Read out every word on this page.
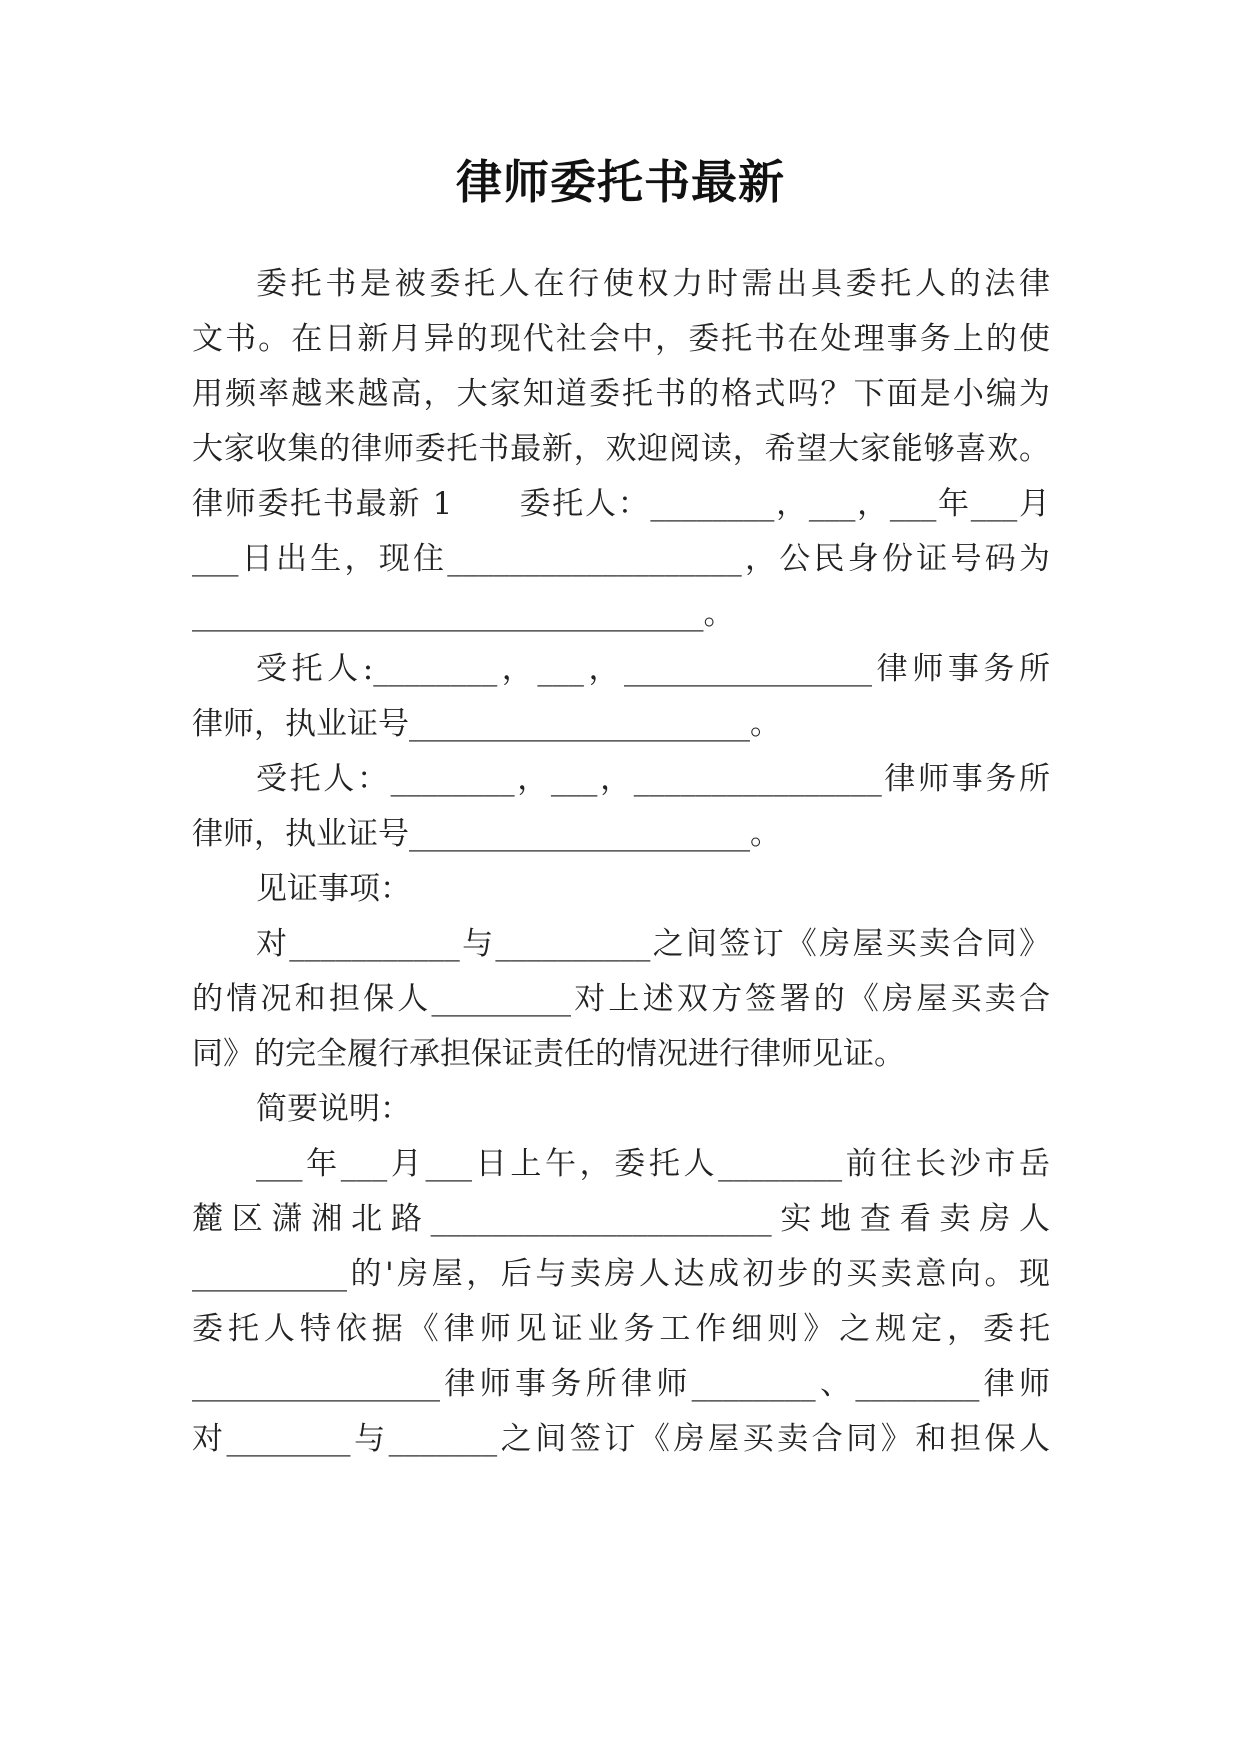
律师委托书最新
委托书是被委托人在行使权力时需出具委托人的法律
文书。在日新月异的现代社会中，委托书在处理事务上的使
用频率越来越高，大家知道委托书的格式吗？下面是小编为
大家收集的律师委托书最新，欢迎阅读，希望大家能够喜欢。
律师委托书最新 1　　委托人：________，___，___年___月
___日出生，现住___________________，公民身份证号码为
_________________________________。
受托人:________，___，________________律师事务所
律师，执业证号______________________。
受托人：________，___，________________律师事务所
律师，执业证号______________________。
见证事项：
对___________与__________之间签订《房屋买卖合同》
的情况和担保人_________对上述双方签署的《房屋买卖合
同》的完全履行承担保证责任的情况进行律师见证。
简要说明：
___年___月___日上午，委托人________前往长沙市岳
麓区潇湘北路______________________实地查看卖房人
__________的'房屋，后与卖房人达成初步的买卖意向。现
委托人特依据《律师见证业务工作细则》之规定，委托
________________律师事务所律师________、________律师
对________与_______之间签订《房屋买卖合同》和担保人
